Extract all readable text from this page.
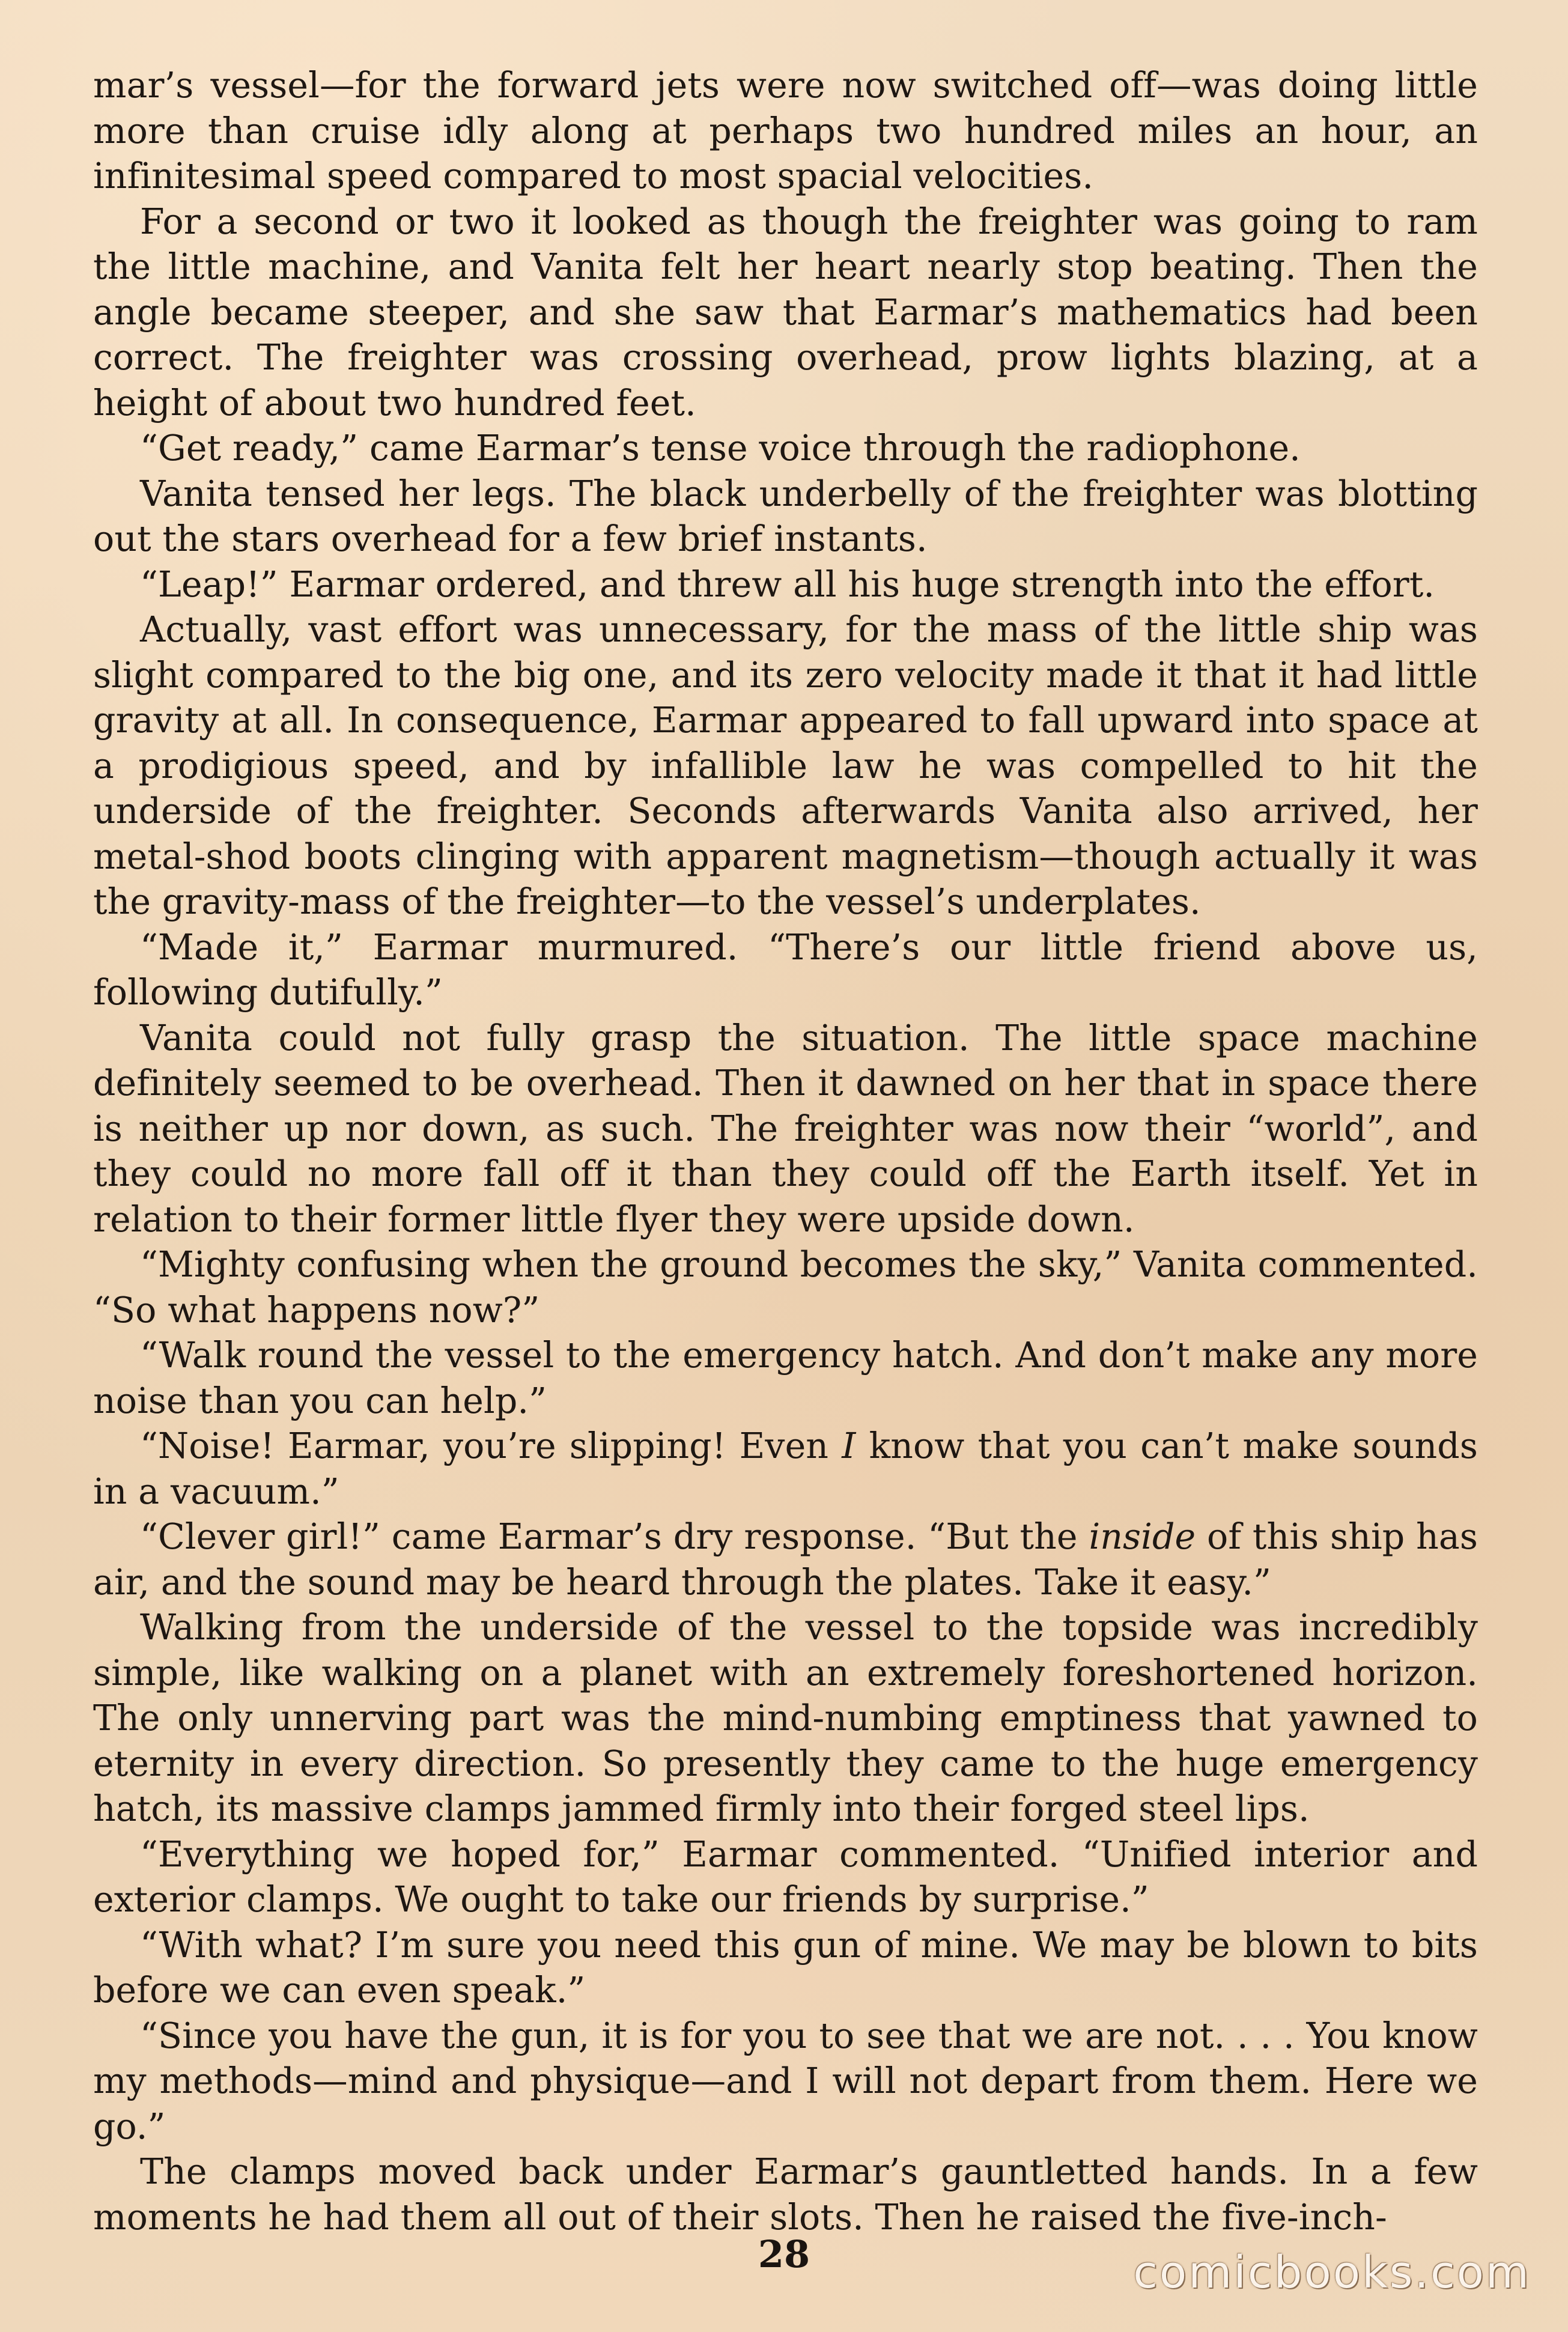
mar’s vessel—for the forward jets were now switched off—was doing little more than cruise idly along at perhaps two hundred miles an hour, an infinitesimal speed compared to most spacial velocities.

For a second or two it looked as though the freighter was going to ram the little machine, and Vanita felt her heart nearly stop beating. Then the angle became steeper, and she saw that Earmar’s mathematics had been correct. The freighter was crossing overhead, prow lights blazing, at a height of about two hundred feet.

“Get ready,” came Earmar’s tense voice through the radiophone.

Vanita tensed her legs. The black underbelly of the freighter was blotting out the stars overhead for a few brief instants.

“Leap!” Earmar ordered, and threw all his huge strength into the effort.

Actually, vast effort was unnecessary, for the mass of the little ship was slight compared to the big one, and its zero velocity made it that it had little gravity at all. In consequence, Earmar appeared to fall upward into space at a prodigious speed, and by infallible law he was compelled to hit the underside of the freighter. Seconds afterwards Vanita also arrived, her metal-shod boots clinging with apparent magnetism—though actually it was the gravity-mass of the freighter—to the vessel’s underplates.

“Made it,” Earmar murmured. “There’s our little friend above us, following dutifully.”

Vanita could not fully grasp the situation. The little space machine definitely seemed to be overhead. Then it dawned on her that in space there is neither up nor down, as such. The freighter was now their “world”, and they could no more fall off it than they could off the Earth itself. Yet in relation to their former little flyer they were upside down.

“Mighty confusing when the ground becomes the sky,” Vanita commented. “So what happens now?”

“Walk round the vessel to the emergency hatch. And don’t make any more noise than you can help.”

“Noise! Earmar, you’re slipping! Even I know that you can’t make sounds in a vacuum.”

“Clever girl!” came Earmar’s dry response. “But the inside of this ship has air, and the sound may be heard through the plates. Take it easy.”

Walking from the underside of the vessel to the topside was incredibly simple, like walking on a planet with an extremely foreshortened horizon. The only unnerving part was the mind-numbing emptiness that yawned to eternity in every direction. So presently they came to the huge emergency hatch, its massive clamps jammed firmly into their forged steel lips.

“Everything we hoped for,” Earmar commented. “Unified interior and exterior clamps. We ought to take our friends by surprise.”

“With what? I’m sure you need this gun of mine. We may be blown to bits before we can even speak.”

“Since you have the gun, it is for you to see that we are not. . . . You know my methods—mind and physique—and I will not depart from them. Here we go.”

The clamps moved back under Earmar’s gauntletted hands. In a few moments he had them all out of their slots. Then he raised the five-inch-

28	comicbooks.com
